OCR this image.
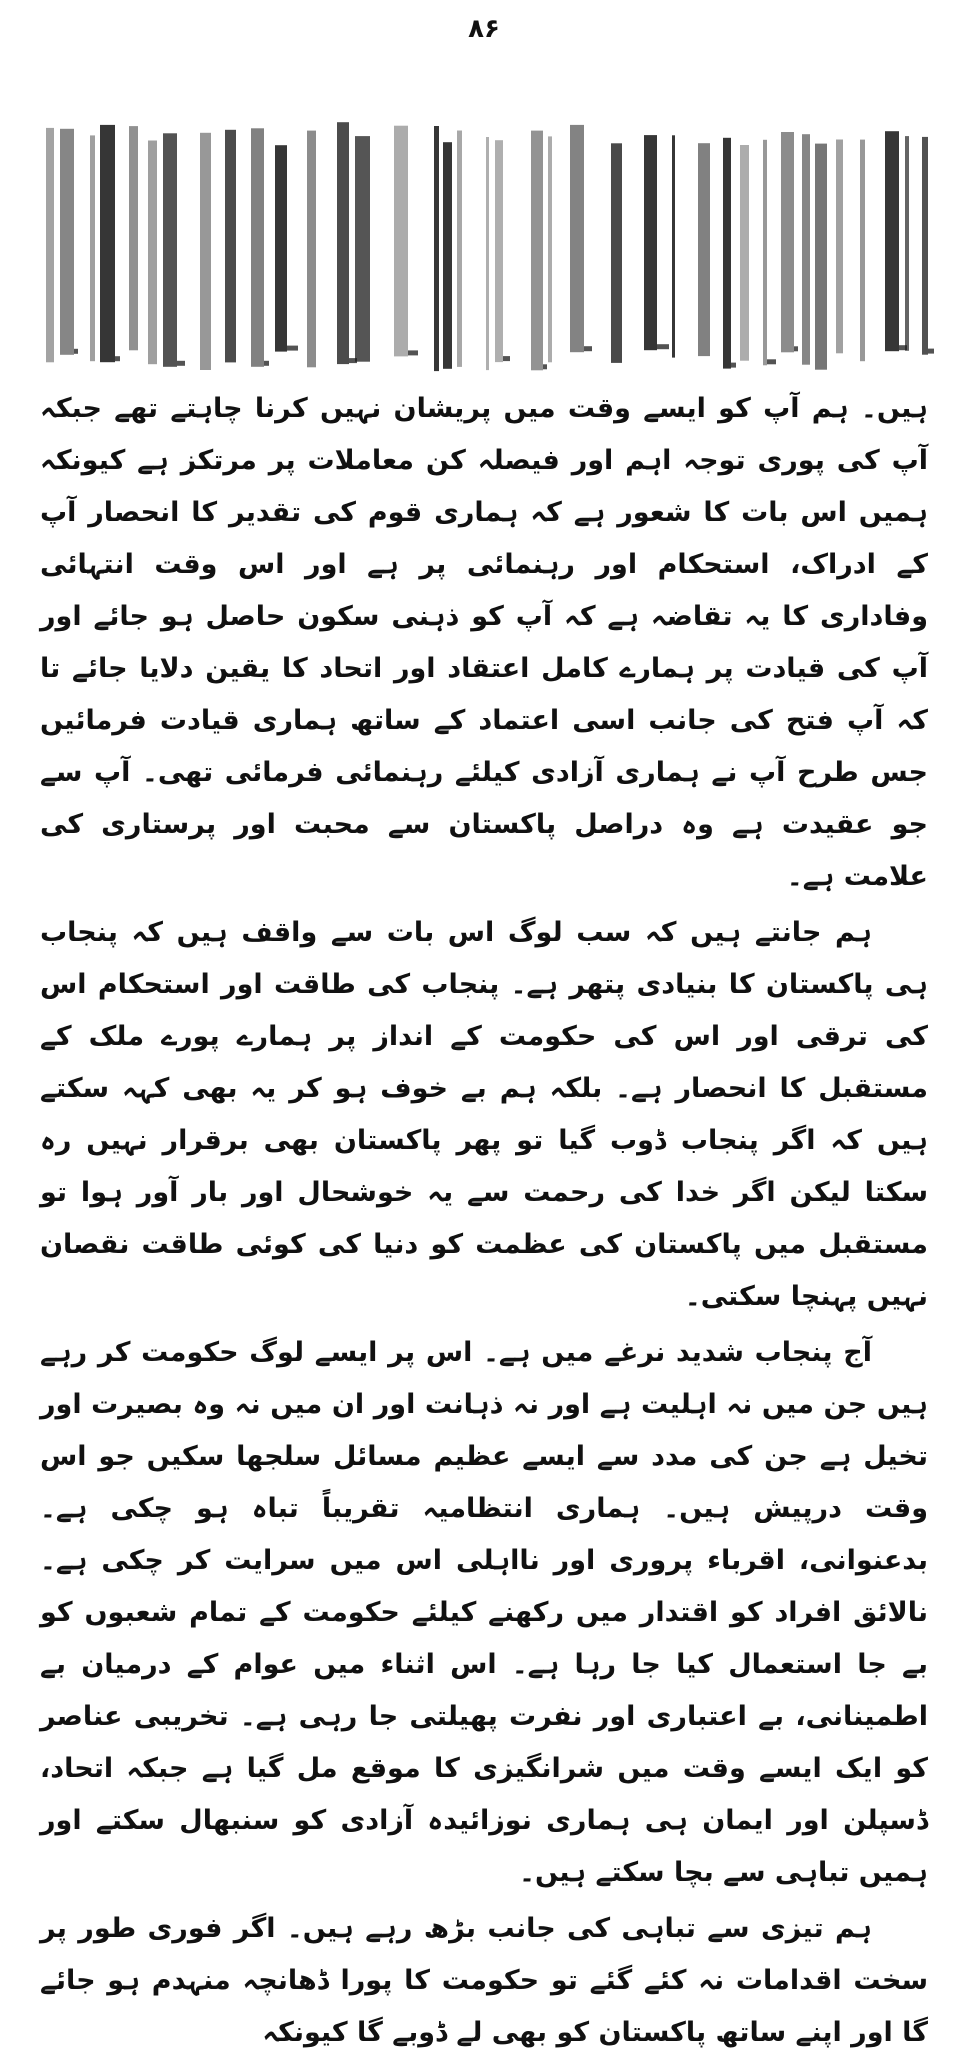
۸۶

ہیں۔ ہم آپ کو ایسے وقت میں پریشان نہیں کرنا چاہتے تھے جبکہ آپ کی پوری توجہ اہم اور فیصلہ کن معاملات پر مرتکز ہے کیونکہ ہمیں اس بات کا شعور ہے کہ ہماری قوم کی تقدیر کا انحصار آپ کے ادراک، استحکام اور رہنمائی پر ہے اور اس وقت انتہائی وفاداری کا یہ تقاضہ ہے کہ آپ کو ذہنی سکون حاصل ہو جائے اور آپ کی قیادت پر ہمارے کامل اعتقاد اور اتحاد کا یقین دلایا جائے تا کہ آپ فتح کی جانب اسی اعتماد کے ساتھ ہماری قیادت فرمائیں جس طرح آپ نے ہماری آزادی کیلئے رہنمائی فرمائی تھی۔ آپ سے جو عقیدت ہے وہ دراصل پاکستان سے محبت اور پرستاری کی علامت ہے۔

ہم جانتے ہیں کہ سب لوگ اس بات سے واقف ہیں کہ پنجاب ہی پاکستان کا بنیادی پتھر ہے۔ پنجاب کی طاقت اور استحکام اس کی ترقی اور اس کی حکومت کے انداز پر ہمارے پورے ملک کے مستقبل کا انحصار ہے۔ بلکہ ہم بے خوف ہو کر یہ بھی کہہ سکتے ہیں کہ اگر پنجاب ڈوب گیا تو پھر پاکستان بھی برقرار نہیں رہ سکتا لیکن اگر خدا کی رحمت سے یہ خوشحال اور بار آور ہوا تو مستقبل میں پاکستان کی عظمت کو دنیا کی کوئی طاقت نقصان نہیں پہنچا سکتی۔

آج پنجاب شدید نرغے میں ہے۔ اس پر ایسے لوگ حکومت کر رہے ہیں جن میں نہ اہلیت ہے اور نہ ذہانت اور ان میں نہ وہ بصیرت اور تخیل ہے جن کی مدد سے ایسے عظیم مسائل سلجھا سکیں جو اس وقت درپیش ہیں۔ ہماری انتظامیہ تقریباً تباہ ہو چکی ہے۔ بدعنوانی، اقرباء پروری اور نااہلی اس میں سرایت کر چکی ہے۔ نالائق افراد کو اقتدار میں رکھنے کیلئے حکومت کے تمام شعبوں کو بے جا استعمال کیا جا رہا ہے۔ اس اثناء میں عوام کے درمیان بے اطمینانی، بے اعتباری اور نفرت پھیلتی جا رہی ہے۔ تخریبی عناصر کو ایک ایسے وقت میں شرانگیزی کا موقع مل گیا ہے جبکہ اتحاد، ڈسپلن اور ایمان ہی ہماری نوزائیدہ آزادی کو سنبھال سکتے اور ہمیں تباہی سے بچا سکتے ہیں۔

ہم تیزی سے تباہی کی جانب بڑھ رہے ہیں۔ اگر فوری طور پر سخت اقدامات نہ کئے گئے تو حکومت کا پورا ڈھانچہ منہدم ہو جائے گا اور اپنے ساتھ پاکستان کو بھی لے ڈوبے گا کیونکہ
